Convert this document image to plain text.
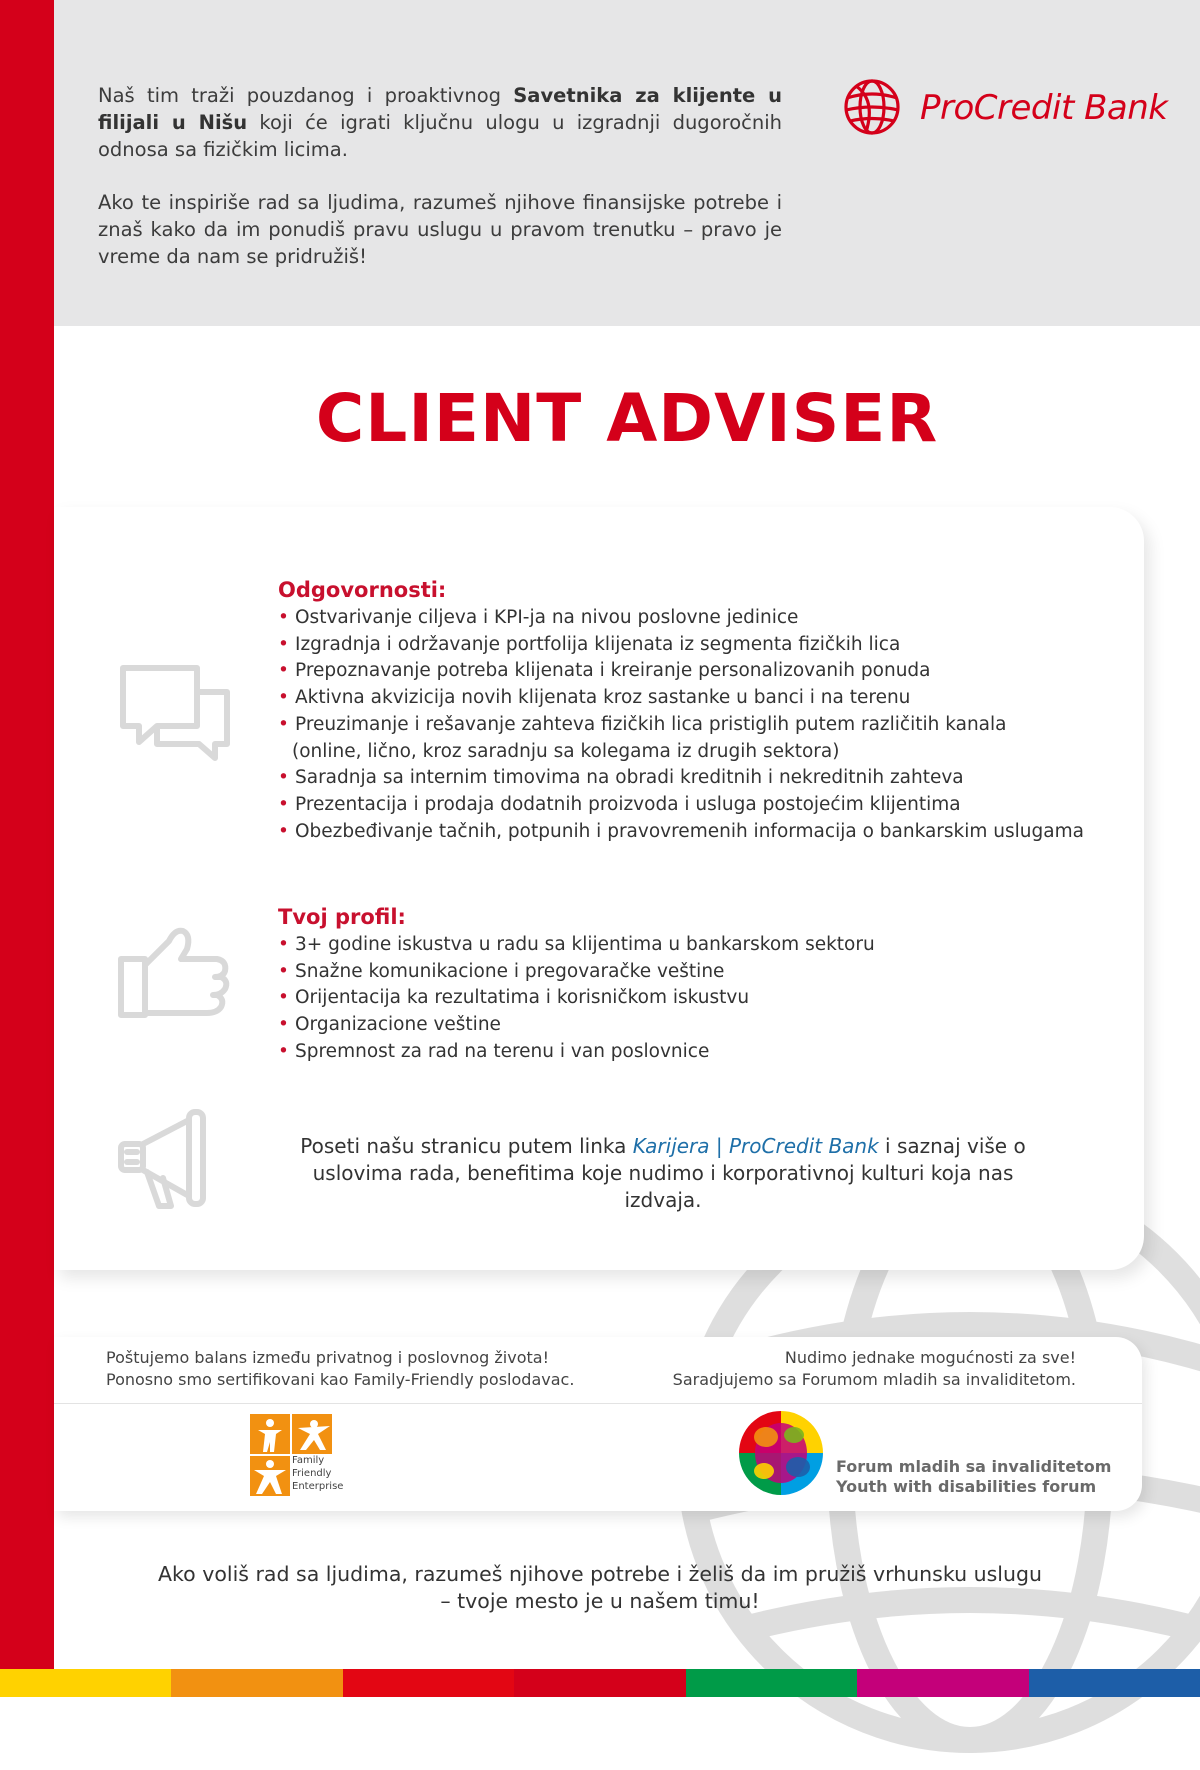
Naš tim traži pouzdanog i proaktivnog Savetnika za klijente u filijali u Nišu koji će igrati ključnu ulogu u izgradnji dugoročnih odnosa sa fizičkim licima.

Ako te inspiriše rad sa ljudima, razumeš njihove finansijske potrebe i znaš kako da im ponudiš pravu uslugu u pravom trenutku – pravo je vreme da nam se pridružiš!

ProCredit Bank
CLIENT ADVISER
Odgovornosti:
• Ostvarivanje ciljeva i KPI-ja na nivou poslovne jedinice
• Izgradnja i održavanje portfolija klijenata iz segmenta fizičkih lica
• Prepoznavanje potreba klijenata i kreiranje personalizovanih ponuda
• Aktivna akvizicija novih klijenata kroz sastanke u banci i na terenu
• Preuzimanje i rešavanje zahteva fizičkih lica pristiglih putem različitih kanala
(online, lično, kroz saradnju sa kolegama iz drugih sektora)
• Saradnja sa internim timovima na obradi kreditnih i nekreditnih zahteva
• Prezentacija i prodaja dodatnih proizvoda i usluga postojećim klijentima
• Obezbeđivanje tačnih, potpunih i pravovremenih informacija o bankarskim uslugama
Tvoj profil:
• 3+ godine iskustva u radu sa klijentima u bankarskom sektoru
• Snažne komunikacione i pregovaračke veštine
• Orijentacija ka rezultatima i korisničkom iskustvu
• Organizacione veštine
• Spremnost za rad na terenu i van poslovnice
Poseti našu stranicu putem linka Karijera | ProCredit Bank i saznaj više o uslovima rada, benefitima koje nudimo i korporativnoj kulturi koja nas izdvaja.
Poštujemo balans između privatnog i poslovnog života!
Ponosno smo sertifikovani kao Family-Friendly poslodavac.
Nudimo jednake mogućnosti za sve!
Saradjujemo sa Forumom mladih sa invaliditetom.
Family
Friendly
Enterprise
Forum mladih sa invaliditetom
Youth with disabilities forum
Ako voliš rad sa ljudima, razumeš njihove potrebe i želiš da im pružiš vrhunsku uslugu
– tvoje mesto je u našem timu!
